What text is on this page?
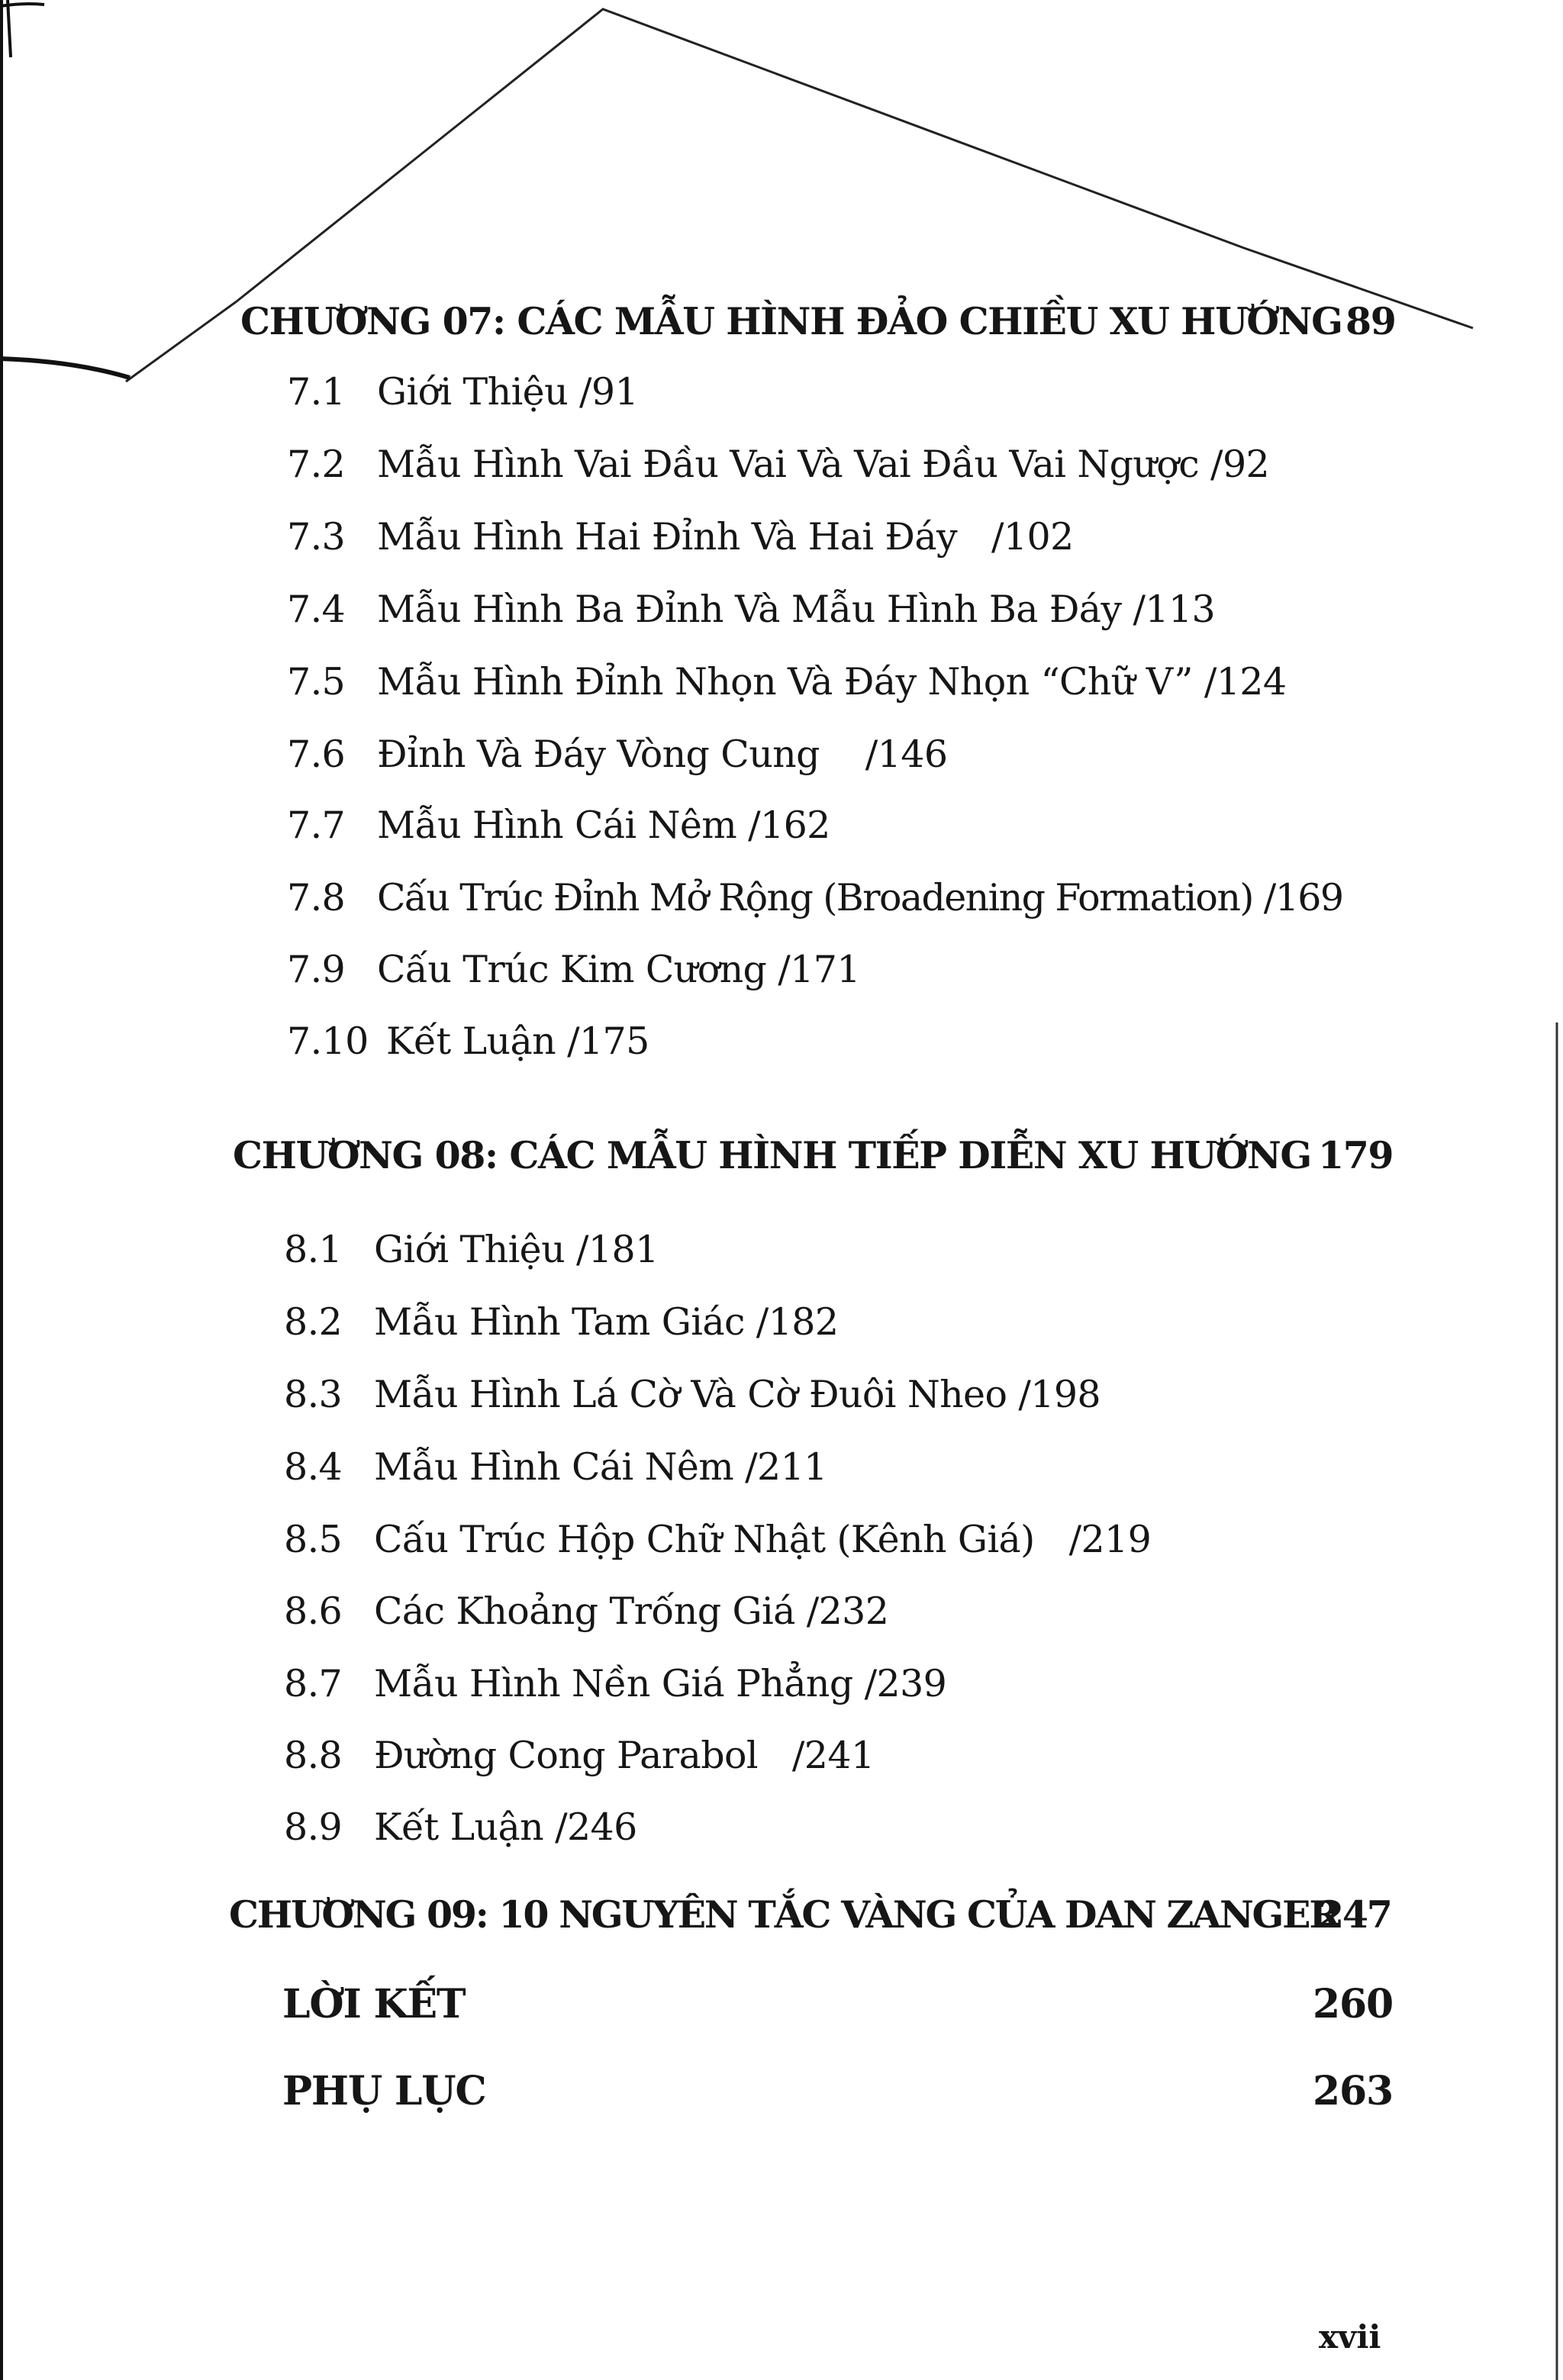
CHƯƠNG 07: CÁC MẪU HÌNH ĐẢO CHIỀU XU HƯỚNG 89
7.1 Giới Thiệu /91
7.2 Mẫu Hình Vai Đầu Vai Và Vai Đầu Vai Ngược /92
7.3 Mẫu Hình Hai Đỉnh Và Hai Đáy   /102
7.4 Mẫu Hình Ba Đỉnh Và Mẫu Hình Ba Đáy /113
7.5 Mẫu Hình Đỉnh Nhọn Và Đáy Nhọn “Chữ V” /124
7.6 Đỉnh Và Đáy Vòng Cung    /146
7.7 Mẫu Hình Cái Nêm /162
7.8 Cấu Trúc Đỉnh Mở Rộng (Broadening Formation) /169
7.9 Cấu Trúc Kim Cương /171
7.10 Kết Luận /175
CHƯƠNG 08: CÁC MẪU HÌNH TIẾP DIỄN XU HƯỚNG 179
8.1 Giới Thiệu /181
8.2 Mẫu Hình Tam Giác /182
8.3 Mẫu Hình Lá Cờ Và Cờ Đuôi Nheo /198
8.4 Mẫu Hình Cái Nêm /211
8.5 Cấu Trúc Hộp Chữ Nhật (Kênh Giá)   /219
8.6 Các Khoảng Trống Giá /232
8.7 Mẫu Hình Nền Giá Phẳng /239
8.8 Đường Cong Parabol   /241
8.9 Kết Luận /246
CHƯƠNG 09: 10 NGUYÊN TẮC VÀNG CỦA DAN ZANGER
247
LỜI KẾT	260
PHỤ LỤC	263
xvii
